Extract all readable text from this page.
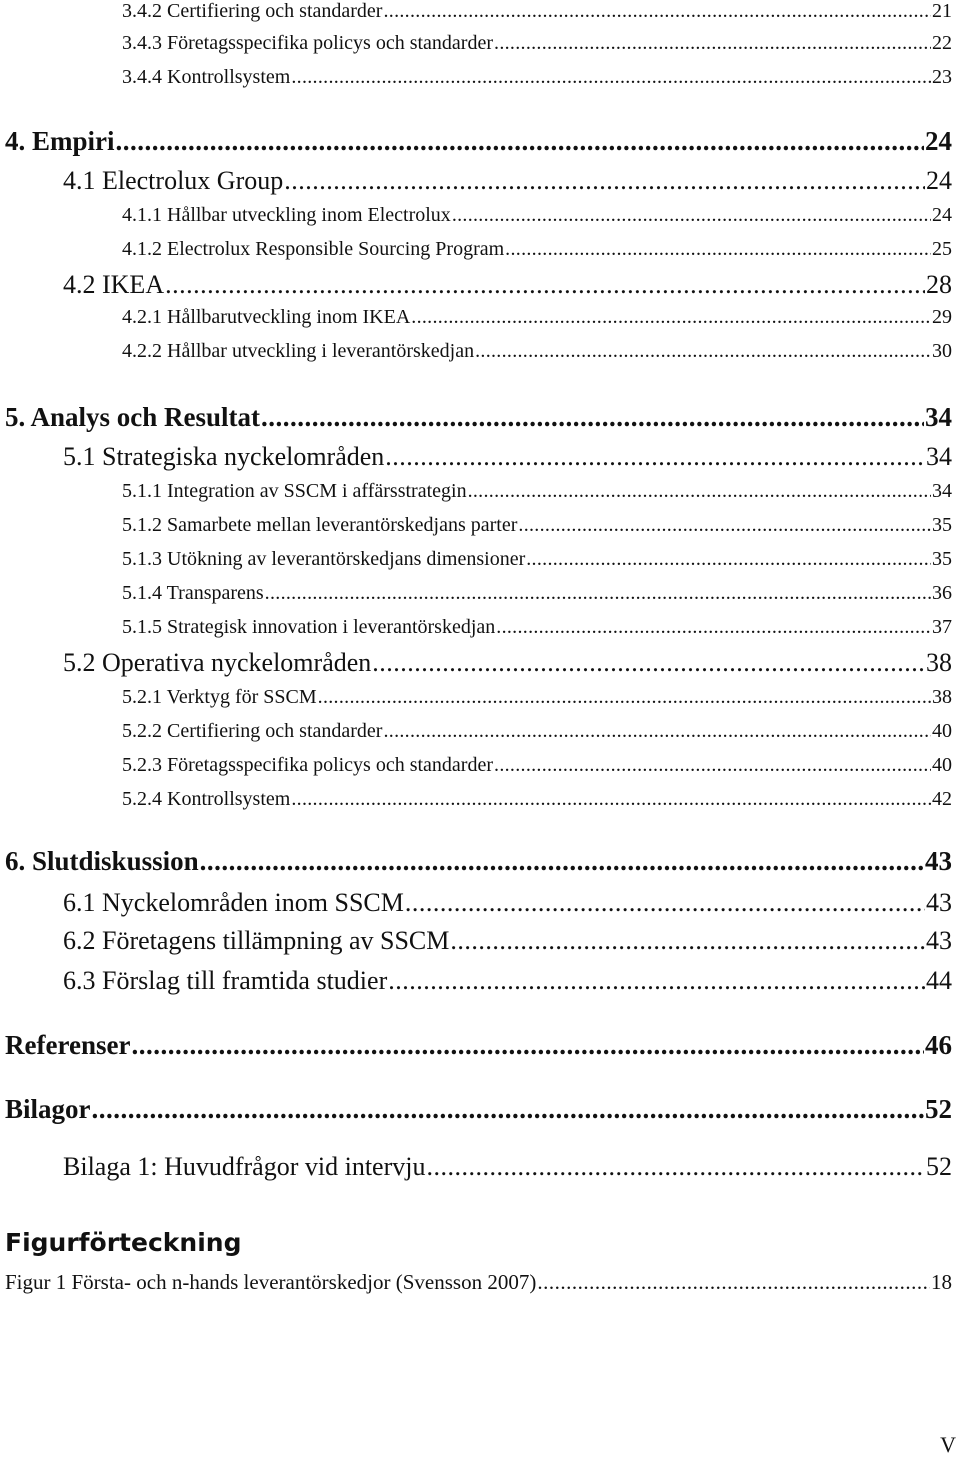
3.4.2 Certifiering och standarder .....	21
3.4.3 Företagsspecifika policys och standarder .....	22
3.4.4 Kontrollsystem .....	23
4. Empiri .....	24
4.1 Electrolux Group .....	24
4.1.1 Hållbar utveckling inom Electrolux .....	24
4.1.2 Electrolux Responsible Sourcing Program .....	25
4.2 IKEA .....	28
4.2.1 Hållbarutveckling inom IKEA .....	29
4.2.2 Hållbar utveckling i leverantörskedjan .....	30
5. Analys och Resultat .....	34
5.1 Strategiska nyckelområden .....	34
5.1.1 Integration av SSCM i affärsstrategin .....	34
5.1.2 Samarbete mellan leverantörskedjans parter .....	35
5.1.3 Utökning av leverantörskedjans dimensioner .....	35
5.1.4 Transparens .....	36
5.1.5 Strategisk innovation i leverantörskedjan .....	37
5.2 Operativa nyckelområden .....	38
5.2.1 Verktyg för SSCM .....	38
5.2.2 Certifiering och standarder .....	40
5.2.3 Företagsspecifika policys och standarder .....	40
5.2.4 Kontrollsystem .....	42
6. Slutdiskussion .....	43
6.1 Nyckelområden inom SSCM .....	43
6.2 Företagens tillämpning av SSCM .....	43
6.3 Förslag till framtida studier .....	44
Referenser .....	46
Bilagor .....	52
Bilaga 1: Huvudfrågor vid intervju .....	52
Figurförteckning
Figur 1 Första- och n-hands leverantörskedjor (Svensson 2007) .....	18
V
